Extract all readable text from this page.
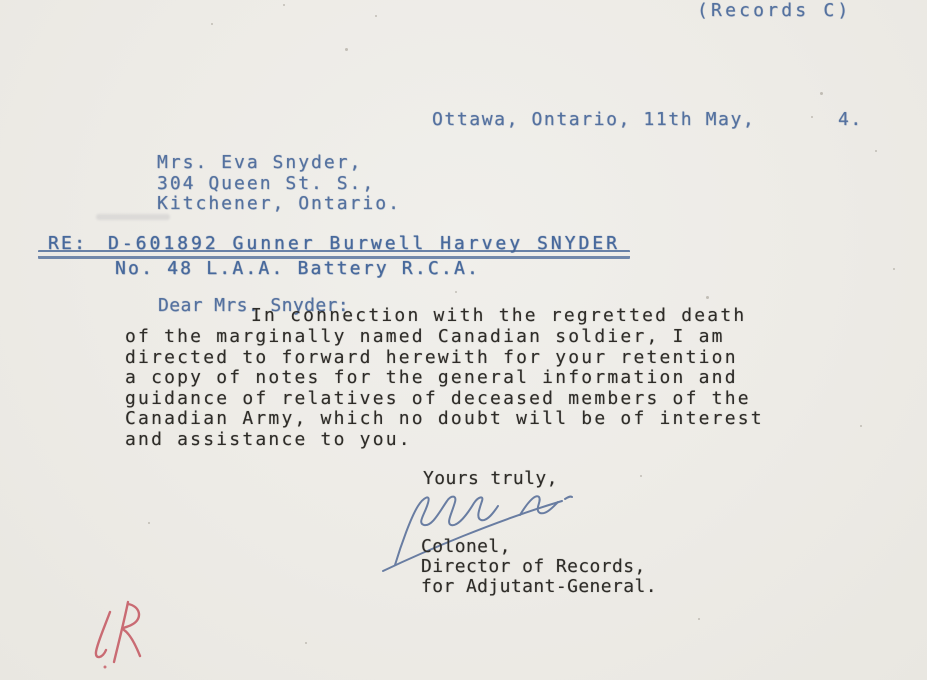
(Records C)
Ottawa, Ontario, 11th May,	4.
Mrs. Eva Snyder,
304 Queen St. S.,
Kitchener, Ontario.
RE: D-601892 Gunner Burwell Harvey SNYDER
No. 48 L.A.A. Battery R.C.A.
Dear Mrs. Snyder:
In connection with the regretted death
of the marginally named Canadian soldier, I am
directed to forward herewith for your retention
a copy of notes for the general information and
guidance of relatives of deceased members of the
Canadian Army, which no doubt will be of interest
and assistance to you.
Yours truly,
Colonel,
Director of Records,
for Adjutant-General.
